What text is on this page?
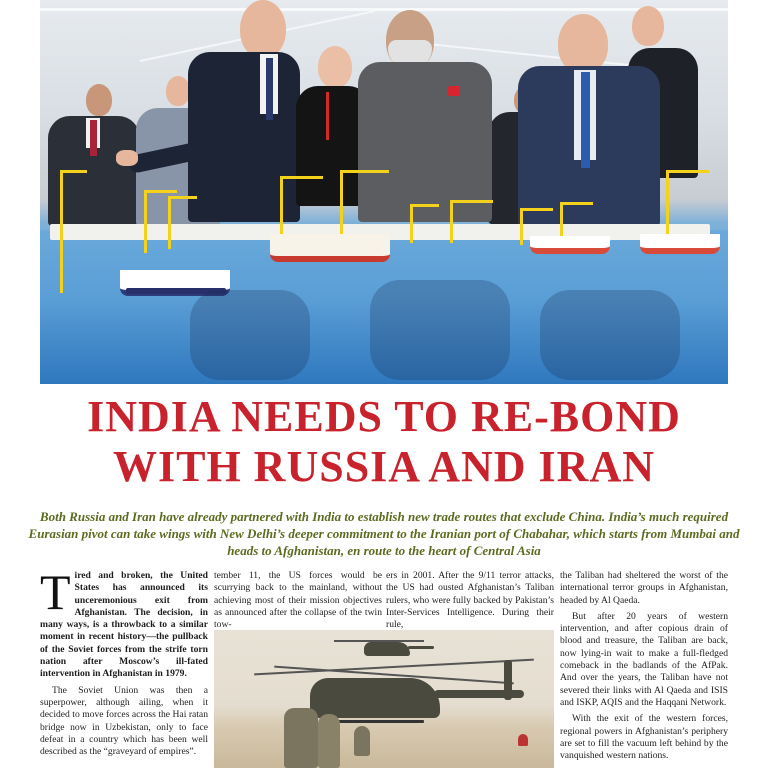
INDIA NEEDS TO RE-BOND
WITH RUSSIA AND IRAN
Both Russia and Iran have already partnered with India to establish new trade routes that exclude China. India’s much required Eurasian pivot can take wings with New Delhi’s deeper commitment to the Iranian port of Chabahar, which starts from Mumbai and heads to Afghanistan, en route to the heart of Central Asia

Tired and broken, the United States has announced its unceremonious exit from Afghanistan. The decision, in many ways, is a throwback to a similar moment in recent history—the pullback of the Soviet forces from the strife torn nation after Moscow’s ill-fated intervention in Afghanistan in 1979.

The Soviet Union was then a superpower, although ailing, when it decided to move forces across the Hai ratan bridge now in Uzbekistan, only to face defeat in a country which has been well described as the “graveyard of empires”.

tember 11, the US forces would be scurrying back to the mainland, without achieving most of their mission objectives as announced after the collapse of the twin tow-

ers in 2001. After the 9/11 terror attacks, the US had ousted Afghanistan’s Taliban rulers, who were fully backed by Pakistan’s Inter-Services Intelligence. During their rule,

the Taliban had sheltered the worst of the international terror groups in Afghanistan, headed by Al Qaeda.

But after 20 years of western intervention, and after copious drain of blood and treasure, the Taliban are back, now lying-in wait to make a full-fledged comeback in the badlands of the AfPak. And over the years, the Taliban have not severed their links with Al Qaeda and ISIS and ISKP, AQIS and the Haqqani Network.

With the exit of the western forces, regional powers in Afghanistan’s periphery are set to fill the vacuum left behind by the vanquished western nations.
